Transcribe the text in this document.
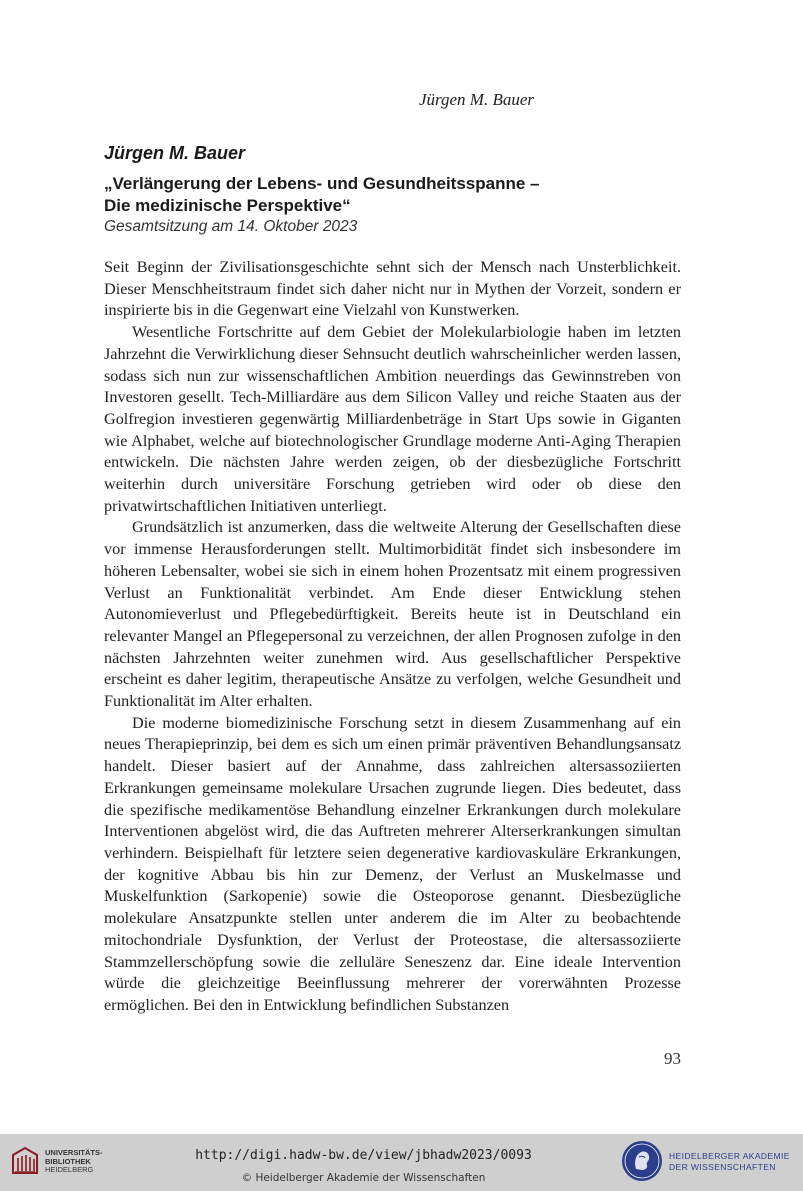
Jürgen M. Bauer
Jürgen M. Bauer
„Verlängerung der Lebens- und Gesundheitsspanne –
Die medizinische Perspektive“
Gesamtsitzung am 14. Oktober 2023

Seit Beginn der Zivilisationsgeschichte sehnt sich der Mensch nach Unsterblichkeit. Dieser Menschheitstraum findet sich daher nicht nur in Mythen der Vorzeit, sondern er inspirierte bis in die Gegenwart eine Vielzahl von Kunstwerken.

Wesentliche Fortschritte auf dem Gebiet der Molekularbiologie haben im letzten Jahrzehnt die Verwirklichung dieser Sehnsucht deutlich wahrscheinlicher werden lassen, sodass sich nun zur wissenschaftlichen Ambition neuerdings das Gewinnstreben von Investoren gesellt. Tech-Milliardäre aus dem Silicon Valley und reiche Staaten aus der Golfregion investieren gegenwärtig Milliardenbeträge in Start Ups sowie in Giganten wie Alphabet, welche auf biotechnologischer Grundlage moderne Anti-Aging Therapien entwickeln. Die nächsten Jahre werden zeigen, ob der diesbezügliche Fortschritt weiterhin durch universitäre Forschung getrieben wird oder ob diese den privatwirtschaftlichen Initiativen unterliegt.

Grundsätzlich ist anzumerken, dass die weltweite Alterung der Gesellschaften diese vor immense Herausforderungen stellt. Multimorbidität findet sich insbesondere im höheren Lebensalter, wobei sie sich in einem hohen Prozentsatz mit einem progressiven Verlust an Funktionalität verbindet. Am Ende dieser Entwicklung stehen Autonomieverlust und Pflegebedürftigkeit. Bereits heute ist in Deutschland ein relevanter Mangel an Pflegepersonal zu verzeichnen, der allen Prognosen zufolge in den nächsten Jahrzehnten weiter zunehmen wird. Aus gesellschaftlicher Perspektive erscheint es daher legitim, therapeutische Ansätze zu verfolgen, welche Gesundheit und Funktionalität im Alter erhalten.

Die moderne biomedizinische Forschung setzt in diesem Zusammenhang auf ein neues Therapieprinzip, bei dem es sich um einen primär präventiven Behandlungsansatz handelt. Dieser basiert auf der Annahme, dass zahlreichen altersassoziierten Erkrankungen gemeinsame molekulare Ursachen zugrunde liegen. Dies bedeutet, dass die spezifische medikamentöse Behandlung einzelner Erkrankungen durch molekulare Interventionen abgelöst wird, die das Auftreten mehrerer Alterserkrankungen simultan verhindern. Beispielhaft für letztere seien degenerative kardiovaskuläre Erkrankungen, der kognitive Abbau bis hin zur Demenz, der Verlust an Muskelmasse und Muskelfunktion (Sarkopenie) sowie die Osteoporose genannt. Diesbezügliche molekulare Ansatzpunkte stellen unter anderem die im Alter zu beobachtende mitochondriale Dysfunktion, der Verlust der Proteostase, die altersassoziierte Stammzellerschöpfung sowie die zelluläre Seneszenz dar. Eine ideale Intervention würde die gleichzeitige Beeinflussung mehrerer der vorerwähnten Prozesse ermöglichen. Bei den in Entwicklung befindlichen Substanzen

93
UNIVERSITÄTS-
BIBLIOTHEK
HEIDELBERG
http://digi.hadw-bw.de/view/jbhadw2023/0093
© Heidelberger Akademie der Wissenschaften
HEIDELBERGER AKADEMIE
DER WISSENSCHAFTEN
